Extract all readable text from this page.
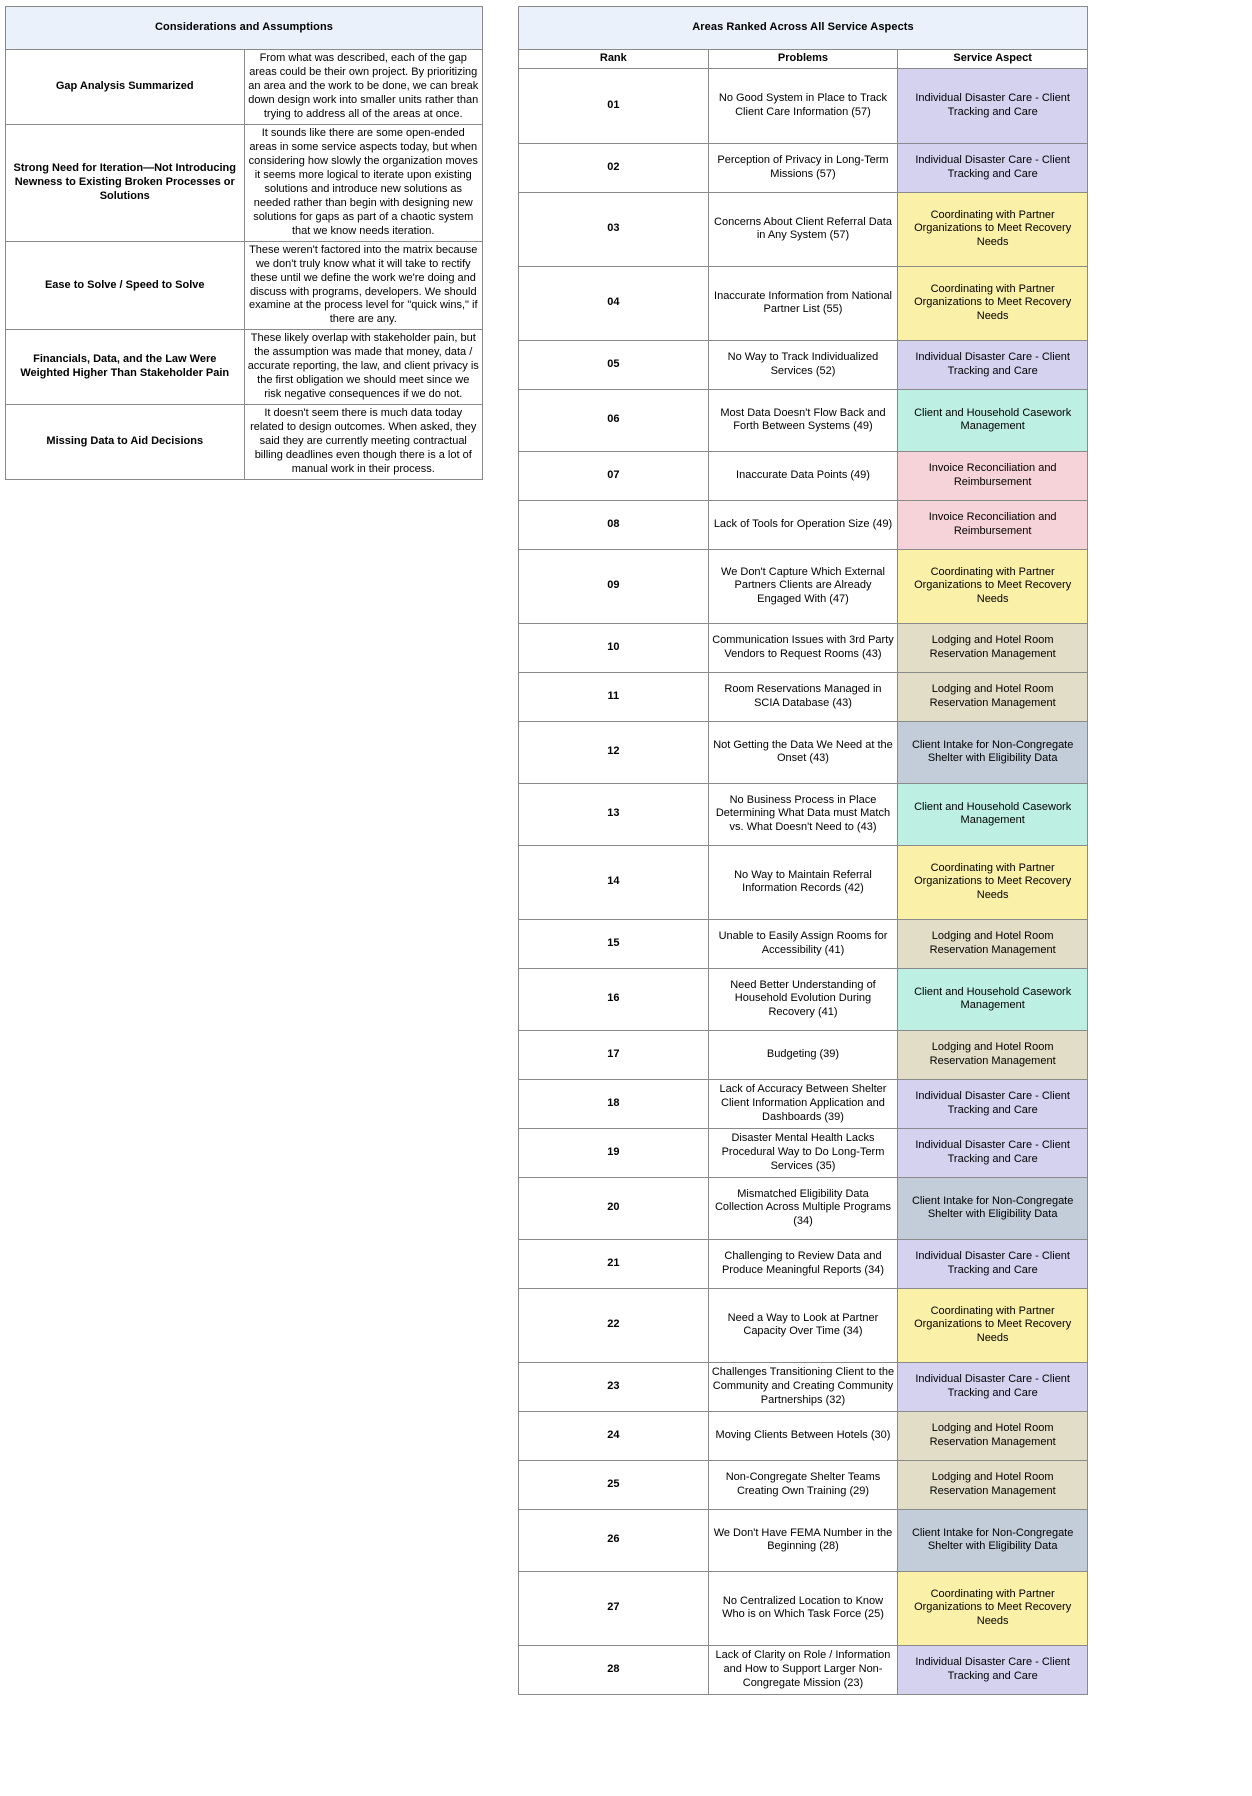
Considerations and Assumptions	
Gap Analysis Summarized	From what was described, each of the gap areas could be their own project. By prioritizing an area and the work to be done, we can break down design work into smaller units rather than trying to address all of the areas at once.
Strong Need for Iteration—Not Introducing Newness to Existing Broken Processes or Solutions	It sounds like there are some open-ended areas in some service aspects today, but when considering how slowly the organization moves it seems more logical to iterate upon existing solutions and introduce new solutions as needed rather than begin with designing new solutions for gaps as part of a chaotic system that we know needs iteration.
Ease to Solve / Speed to Solve	These weren't factored into the matrix because we don't truly know what it will take to rectify these until we define the work we're doing and discuss with programs, developers. We should examine at the process level for "quick wins," if there are any.
Financials, Data, and the Law Were Weighted Higher Than Stakeholder Pain	These likely overlap with stakeholder pain, but the assumption was made that money, data / accurate reporting, the law, and client privacy is the first obligation we should meet since we risk negative consequences if we do not.
Missing Data to Aid Decisions	It doesn't seem there is much data today related to design outcomes. When asked, they said they are currently meeting contractual billing deadlines even though there is a lot of manual work in their process.
Areas Ranked Across All Service Aspects		
Rank	Problems	Service Aspect
01	No Good System in Place to Track Client Care Information (57)	Individual Disaster Care - Client Tracking and Care
02	Perception of Privacy in Long-Term Missions (57)	Individual Disaster Care - Client Tracking and Care
03	Concerns About Client Referral Data in Any System (57)	Coordinating with Partner Organizations to Meet Recovery Needs
04	Inaccurate Information from National Partner List (55)	Coordinating with Partner Organizations to Meet Recovery Needs
05	No Way to Track Individualized Services (52)	Individual Disaster Care - Client Tracking and Care
06	Most Data Doesn't Flow Back and Forth Between Systems (49)	Client and Household Casework Management
07	Inaccurate Data Points (49)	Invoice Reconciliation and Reimbursement
08	Lack of Tools for Operation Size (49)	Invoice Reconciliation and Reimbursement
09	We Don't Capture Which External Partners Clients are Already Engaged With (47)	Coordinating with Partner Organizations to Meet Recovery Needs
10	Communication Issues with 3rd Party Vendors to Request Rooms (43)	Lodging and Hotel Room Reservation Management
11	Room Reservations Managed in SCIA Database (43)	Lodging and Hotel Room Reservation Management
12	Not Getting the Data We Need at the Onset (43)	Client Intake for Non-Congregate Shelter with Eligibility Data
13	No Business Process in Place Determining What Data must Match vs. What Doesn't Need to (43)	Client and Household Casework Management
14	No Way to Maintain Referral Information Records (42)	Coordinating with Partner Organizations to Meet Recovery Needs
15	Unable to Easily Assign Rooms for Accessibility (41)	Lodging and Hotel Room Reservation Management
16	Need Better Understanding of Household Evolution During Recovery (41)	Client and Household Casework Management
17	Budgeting (39)	Lodging and Hotel Room Reservation Management
18	Lack of Accuracy Between Shelter Client Information Application and Dashboards (39)	Individual Disaster Care - Client Tracking and Care
19	Disaster Mental Health Lacks Procedural Way to Do Long-Term Services (35)	Individual Disaster Care - Client Tracking and Care
20	Mismatched Eligibility Data Collection Across Multiple Programs (34)	Client Intake for Non-Congregate Shelter with Eligibility Data
21	Challenging to Review Data and Produce Meaningful Reports (34)	Individual Disaster Care - Client Tracking and Care
22	Need a Way to Look at Partner Capacity Over Time (34)	Coordinating with Partner Organizations to Meet Recovery Needs
23	Challenges Transitioning Client to the Community and Creating Community Partnerships (32)	Individual Disaster Care - Client Tracking and Care
24	Moving Clients Between Hotels (30)	Lodging and Hotel Room Reservation Management
25	Non-Congregate Shelter Teams Creating Own Training (29)	Lodging and Hotel Room Reservation Management
26	We Don't Have FEMA Number in the Beginning (28)	Client Intake for Non-Congregate Shelter with Eligibility Data
27	No Centralized Location to Know Who is on Which Task Force (25)	Coordinating with Partner Organizations to Meet Recovery Needs
28	Lack of Clarity on Role / Information and How to Support Larger Non-Congregate Mission (23)	Individual Disaster Care - Client Tracking and Care
